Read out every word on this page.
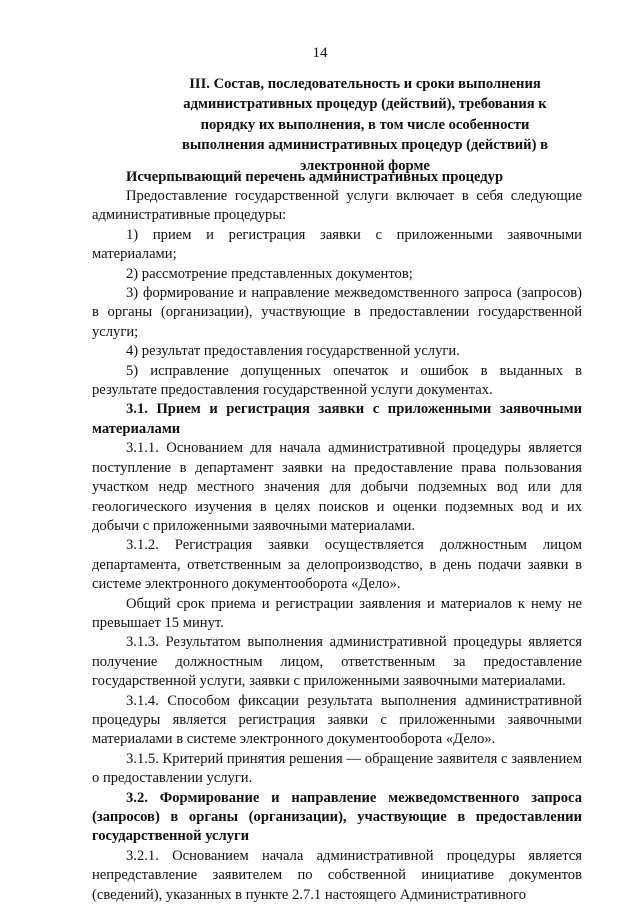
14
III. Состав, последовательность и сроки выполнения административных процедур (действий), требования к порядку их выполнения, в том числе особенности выполнения административных процедур (действий) в электронной форме
Исчерпывающий перечень административных процедур

Предоставление государственной услуги включает в себя следующие административные процедуры:

1) прием и регистрация заявки с приложенными заявочными материалами;

2) рассмотрение представленных документов;

3) формирование и направление межведомственного запроса (запросов) в органы (организации), участвующие в предоставлении государственной услуги;

4) результат предоставления государственной услуги.

5) исправление допущенных опечаток и ошибок в выданных в результате предоставления государственной услуги документах.

3.1. Прием и регистрация заявки с приложенными заявочными материалами

3.1.1. Основанием для начала административной процедуры является поступление в департамент заявки на предоставление права пользования участком недр местного значения для добычи подземных вод или для геологического изучения в целях поисков и оценки подземных вод и их добычи с приложенными заявочными материалами.

3.1.2. Регистрация заявки осуществляется должностным лицом департамента, ответственным за делопроизводство, в день подачи заявки в системе электронного документооборота «Дело».

Общий срок приема и регистрации заявления и материалов к нему не превышает 15 минут.

3.1.3. Результатом выполнения административной процедуры является получение должностным лицом, ответственным за предоставление государственной услуги, заявки с приложенными заявочными материалами.

3.1.4. Способом фиксации результата выполнения административной процедуры является регистрация заявки с приложенными заявочными материалами в системе электронного документооборота «Дело».

3.1.5. Критерий принятия решения — обращение заявителя с заявлением о предоставлении услуги.

3.2. Формирование и направление межведомственного запроса (запросов) в органы (организации), участвующие в предоставлении государственной услуги

3.2.1. Основанием начала административной процедуры является непредставление заявителем по собственной инициативе документов (сведений), указанных в пункте 2.7.1 настоящего Административного
